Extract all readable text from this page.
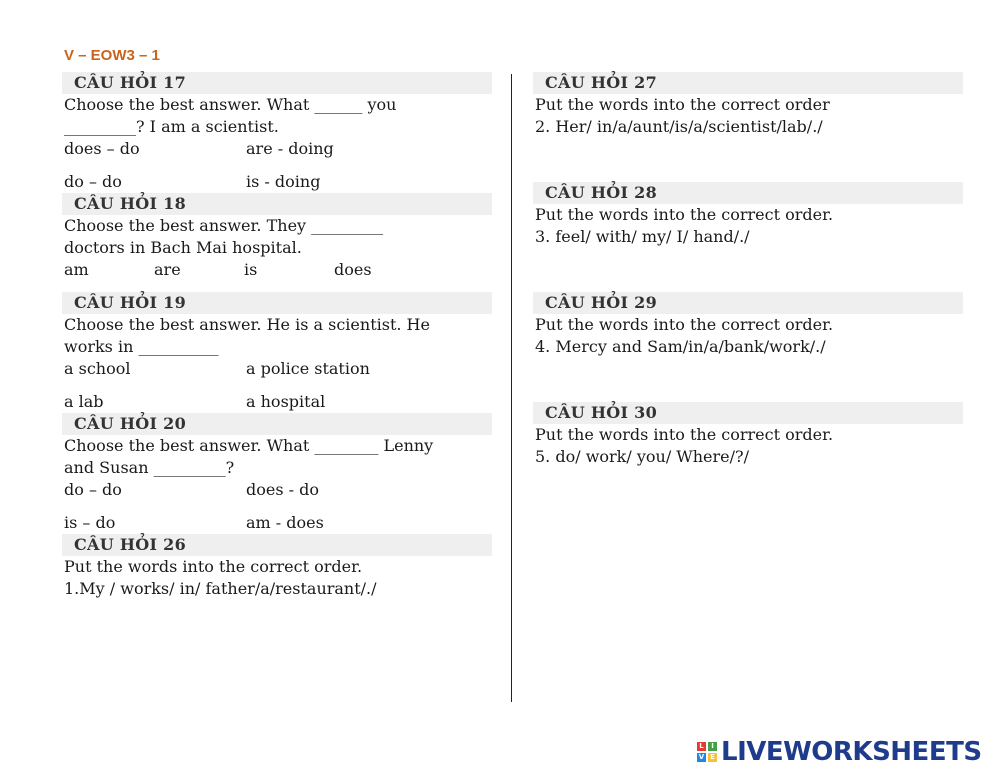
V – EOW3 – 1
CÂU HỎI 17
Choose the best answer. What ______ you
_________? I am a scientist.
does – do	are - doing
do – do	is - doing
CÂU HỎI 18
Choose the best answer. They _________
doctors in Bach Mai hospital.
am	are	is	does
CÂU HỎI 19
Choose the best answer. He is a scientist. He
works in __________
a school	a police station
a lab	a hospital
CÂU HỎI 20
Choose the best answer. What ________ Lenny
and Susan _________?
do – do	does - do
is – do	am - does
CÂU HỎI 26
Put the words into the correct order.
1.My / works/ in/ father/a/restaurant/./
CÂU HỎI 27
Put the words into the correct order
2. Her/ in/a/aunt/is/a/scientist/lab/./
CÂU HỎI 28
Put the words into the correct order.
3. feel/ with/ my/ I/ hand/./
CÂU HỎI 29
Put the words into the correct order.
4. Mercy and Sam/in/a/bank/work/./
CÂU HỎI 30
Put the words into the correct order.
5. do/ work/ you/ Where/?/
L	I
V E LIVEWORKSHEETS
